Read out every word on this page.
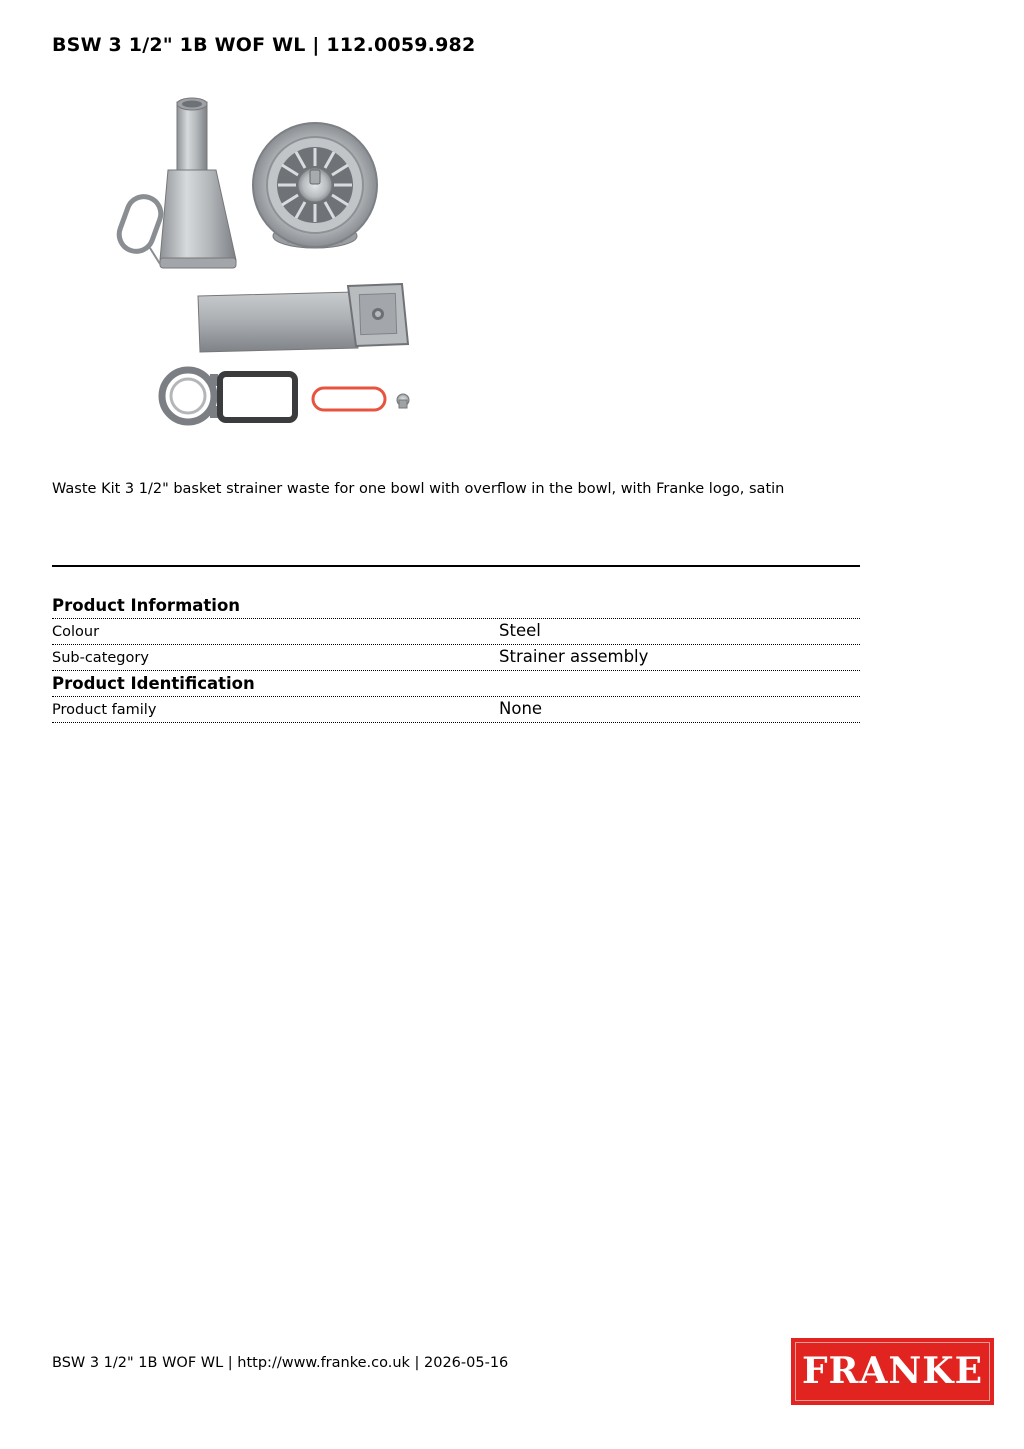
BSW 3 1/2" 1B WOF WL | 112.0059.982
Waste Kit 3 1/2" basket strainer waste for one bowl with overflow in the bowl, with Franke logo, satin
Product Information
Colour	Steel
Sub-category	Strainer assembly
Product Identification
Product family	None
BSW 3 1/2" 1B WOF WL | http://www.franke.co.uk | 2026-05-16	FRANKE
